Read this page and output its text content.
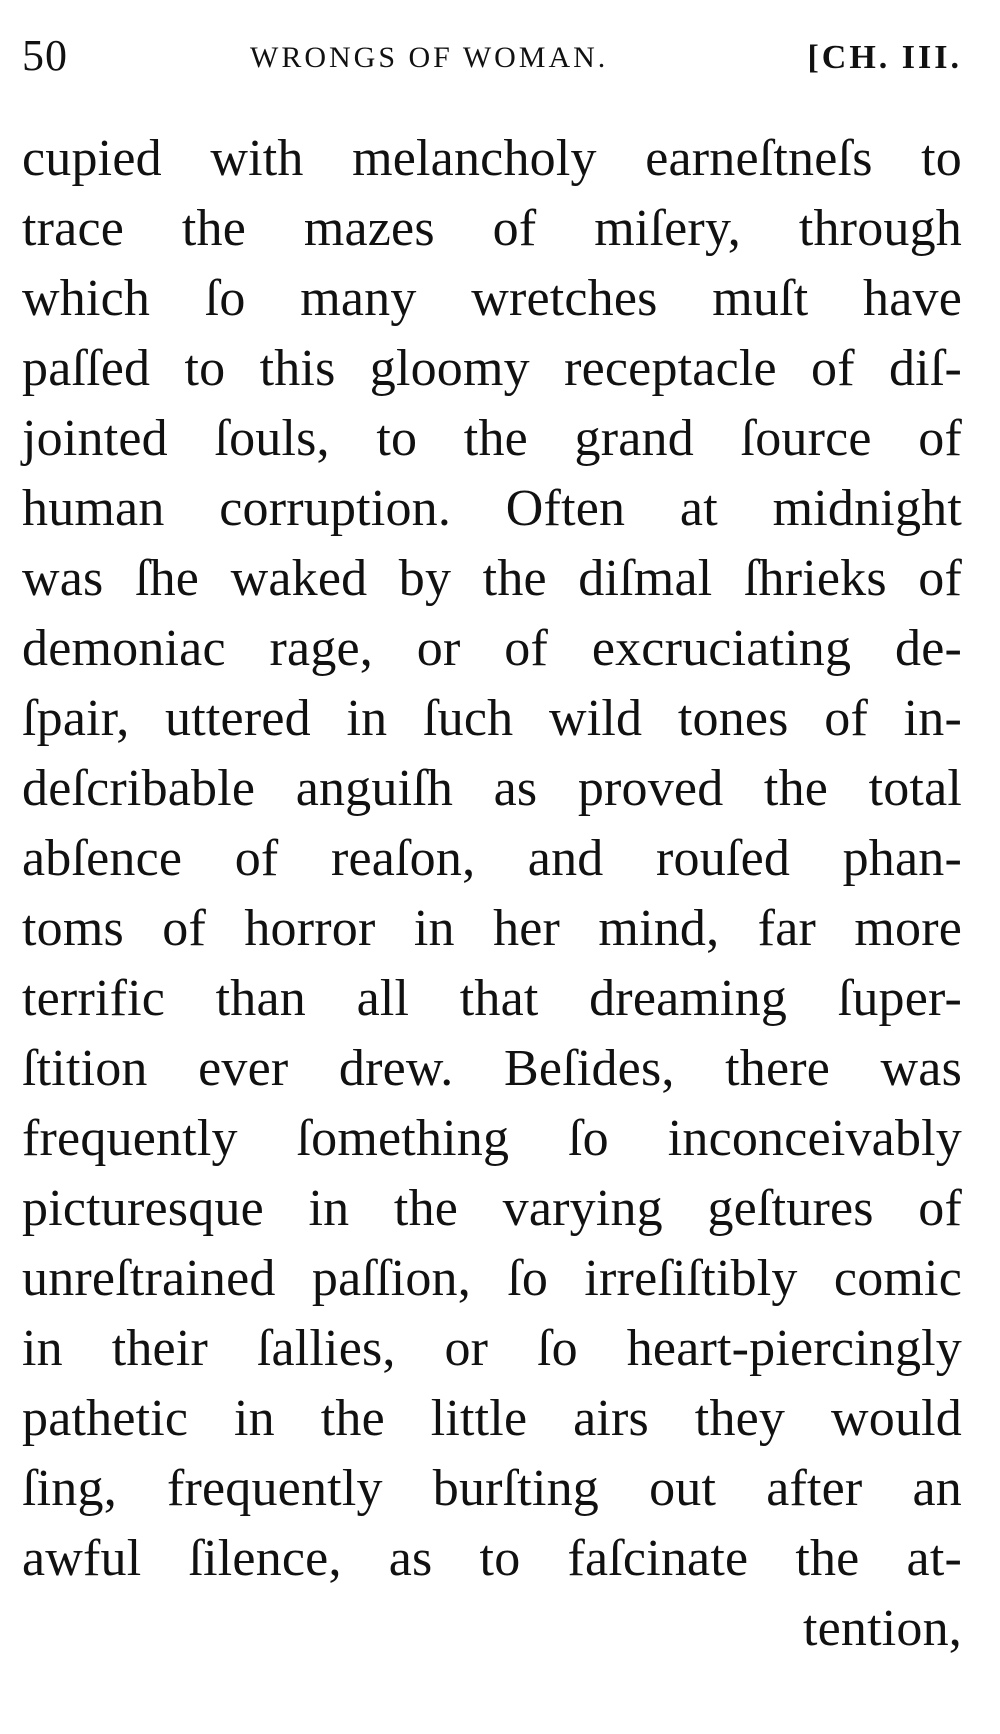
50	WRONGS OF WOMAN.	[CH. III.
cupied with melancholy earneſtneſs to
trace the mazes of miſery, through
which ſo many wretches muſt have
paſſed to this gloomy receptacle of diſ-
jointed ſouls, to the grand ſource of
human corruption. Often at midnight
was ſhe waked by the diſmal ſhrieks of
demoniac rage, or of excruciating de-
ſpair, uttered in ſuch wild tones of in-
deſcribable anguiſh as proved the total
abſence of reaſon, and rouſed phan-
toms of horror in her mind, far more
terrific than all that dreaming ſuper-
ſtition ever drew. Beſides, there was
frequently ſomething ſo inconceivably
picturesque in the varying geſtures of
unreſtrained paſſion, ſo irreſiſtibly comic
in their ſallies, or ſo heart-piercingly
pathetic in the little airs they would
ſing, frequently burſting out after an
awful ſilence, as to faſcinate the at-
tention,
